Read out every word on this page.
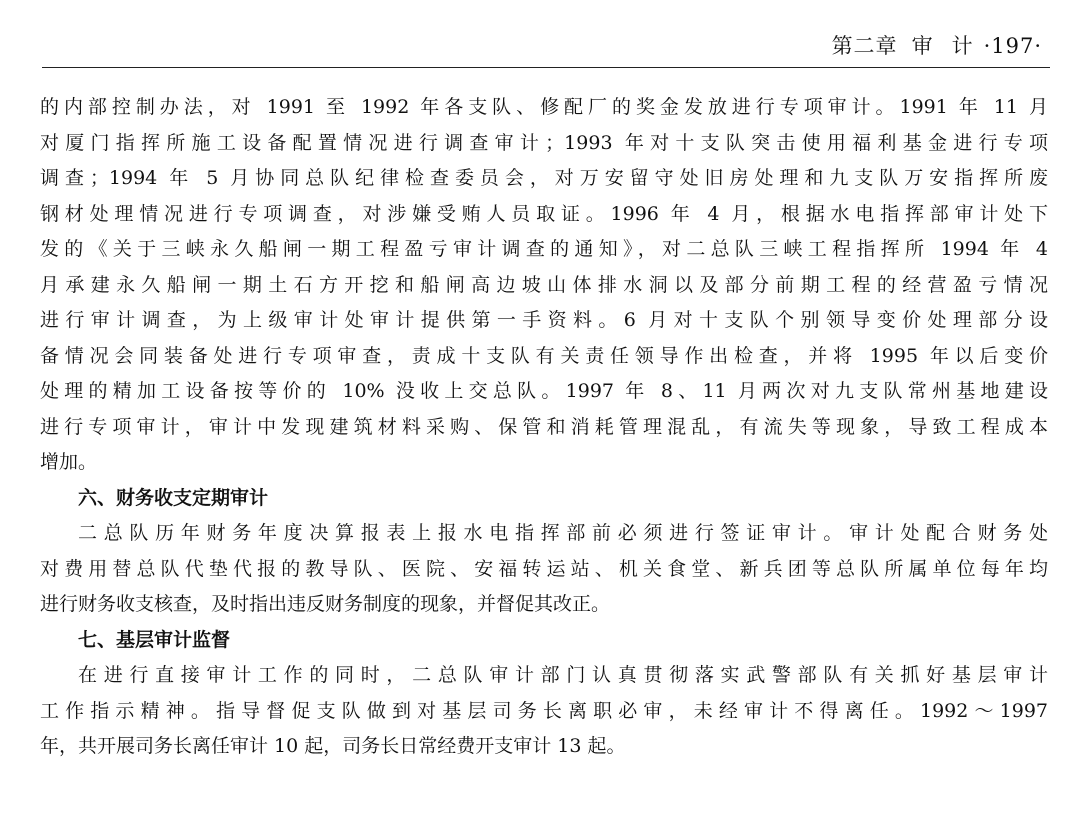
第二章 审 计 ·197·
的内部控制办法，对 1991 至 1992 年各支队、修配厂的奖金发放进行专项审计。1991 年 11 月
对厦门指挥所施工设备配置情况进行调查审计；1993 年对十支队突击使用福利基金进行专项
调查；1994 年 5 月协同总队纪律检查委员会，对万安留守处旧房处理和九支队万安指挥所废
钢材处理情况进行专项调查，对涉嫌受贿人员取证。1996 年 4 月，根据水电指挥部审计处下
发的《关于三峡永久船闸一期工程盈亏审计调查的通知》，对二总队三峡工程指挥所 1994 年 4
月承建永久船闸一期土石方开挖和船闸高边坡山体排水洞以及部分前期工程的经营盈亏情况
进行审计调查，为上级审计处审计提供第一手资料。6 月对十支队个别领导变价处理部分设
备情况会同装备处进行专项审查，责成十支队有关责任领导作出检查，并将 1995 年以后变价
处理的精加工设备按等价的 10% 没收上交总队。1997 年 8、11 月两次对九支队常州基地建设
进行专项审计，审计中发现建筑材料采购、保管和消耗管理混乱，有流失等现象，导致工程成本
增加。
六、财务收支定期审计
二总队历年财务年度决算报表上报水电指挥部前必须进行签证审计。审计处配合财务处
对费用替总队代垫代报的教导队、医院、安福转运站、机关食堂、新兵团等总队所属单位每年均
进行财务收支核查，及时指出违反财务制度的现象，并督促其改正。
七、基层审计监督
在进行直接审计工作的同时，二总队审计部门认真贯彻落实武警部队有关抓好基层审计
工作指示精神。指导督促支队做到对基层司务长离职必审，未经审计不得离任。1992～1997
年，共开展司务长离任审计 10 起，司务长日常经费开支审计 13 起。
